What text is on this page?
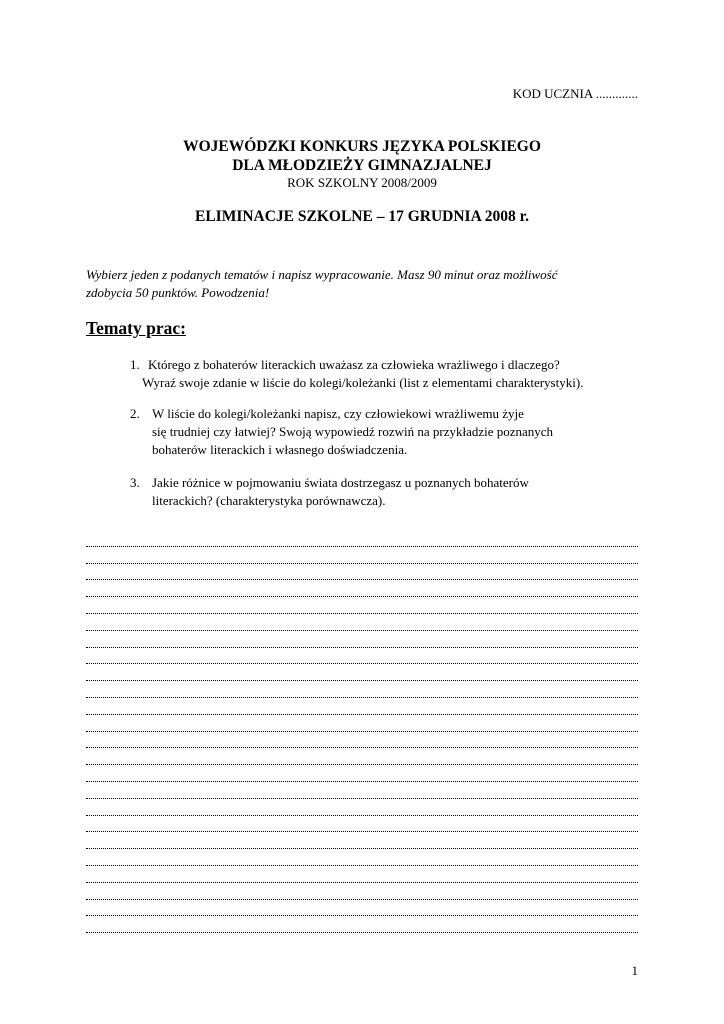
KOD UCZNIA .............

WOJEWÓDZKI KONKURS JĘZYKA POLSKIEGO

DLA MŁODZIEŻY GIMNAZJALNEJ

ROK SZKOLNY 2008/2009

ELIMINACJE SZKOLNE – 17 GRUDNIA 2008 r.
Wybierz jeden z podanych tematów i napisz wypracowanie. Masz 90 minut oraz możliwość
zdobycia 50 punktów. Powodzenia!
Tematy prac:
1. Którego z bohaterów literackich uważasz za człowieka wrażliwego i dlaczego?
Wyraź swoje zdanie w liście do kolegi/koleżanki (list z elementami charakterystyki).
2. W liście do kolegi/koleżanki napisz, czy człowiekowi wrażliwemu żyje
się trudniej czy łatwiej? Swoją wypowiedź rozwiń na przykładzie poznanych
bohaterów literackich i własnego doświadczenia.
3. Jakie różnice w pojmowaniu świata dostrzegasz u poznanych bohaterów
literackich? (charakterystyka porównawcza).
1
